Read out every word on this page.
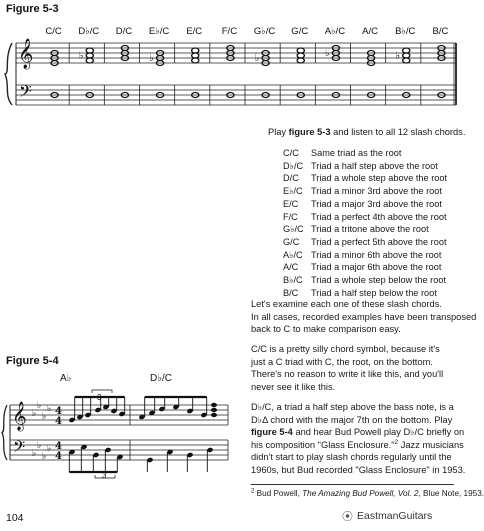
Figure 5-3
C/C D♭/C D/C E♭/C E/C F/C G♭/C G/C A♭/C A/C B♭/C B/C
𝄞
𝄢
♭	♭	♭	♭	♭
Play figure 5-3 and listen to all 12 slash chords.
C/C	Same triad as the root
D♭/C Triad a half step above the root
D/C	Triad a whole step above the root
E♭/C Triad a minor 3rd above the root
E/C	Triad a major 3rd above the root
F/C	Triad a perfect 4th above the root
G♭/C Triad a tritone above the root
G/C	Triad a perfect 5th above the root
A♭/C Triad a minor 6th above the root
A/C	Triad a major 6th above the root
B♭/C Triad a whole step below the root
B/C	Triad a half step below the root
Let's examine each one of these slash chords.
In all cases, recorded examples have been transposed
back to C to make comparison easy.
C/C is a pretty silly chord symbol, because it's
just a C triad with C, the root, on the bottom.
There's no reason to write it like this, and you'll
never see it like this.
D♭/C, a triad a half step above the bass note, is a
D♭Δ chord with the major 7th on the bottom. Play
figure 5-4 and hear Bud Powell play D♭/C briefly on
his composition "Glass Enclosure."$^2$ Jazz musicians
didn't start to play slash chords regularly until the
1960s, but Bud recorded "Glass Enclosure" in 1953.
Figure 5-4
A♭	D♭/C
𝄞
𝄢
♭
♭
♭
♭
♭
♭
♭
♭
4
4
4
4
3
3
$^2$ Bud Powell, The Amazing Bud Powell, Vol. 2, Blue Note, 1953.
104	⦿ EastmanGuitars
